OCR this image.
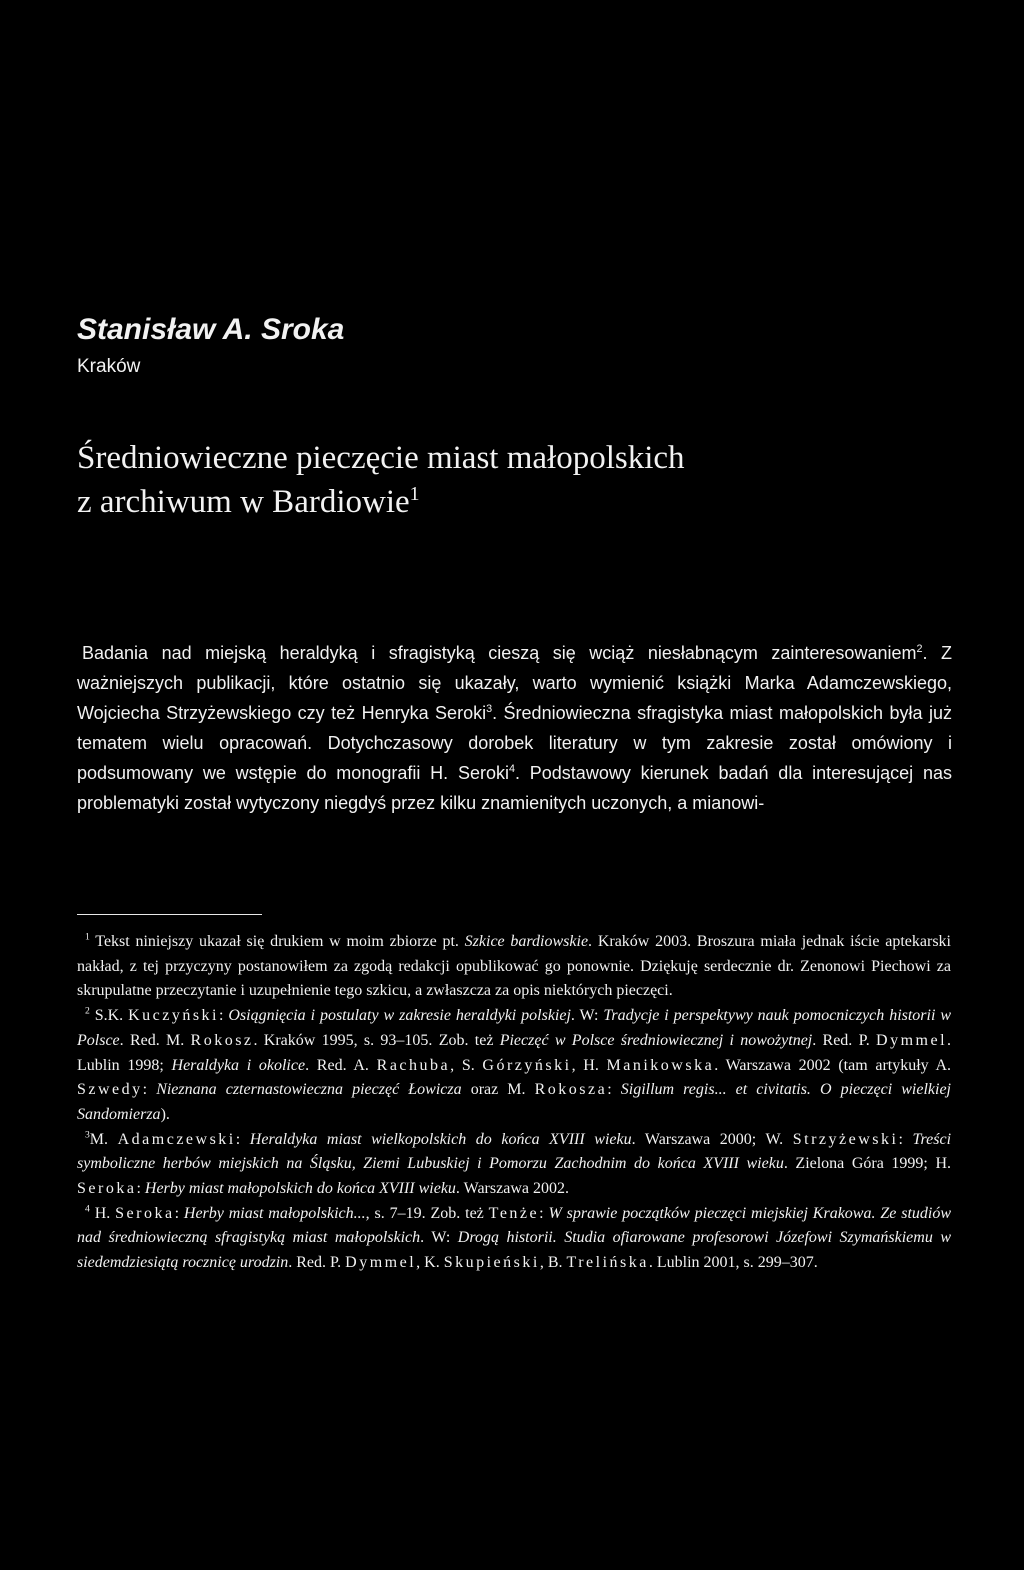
Stanisław A. Sroka
Kraków
Średniowieczne pieczęcie miast małopolskich
z archiwum w Bardiowie$^1$

Badania nad miejską heraldyką i sfragistyką cieszą się wciąż niesłabnącym zainteresowaniem$^2$. Z ważniejszych publikacji, które ostatnio się ukazały, warto wymienić książki Marka Adamczewskiego, Wojciecha Strzyżewskiego czy też Henryka Seroki$^3$. Średniowieczna sfragistyka miast małopolskich była już tematem wielu opracowań. Dotychczasowy dorobek literatury w tym zakresie został omówiony i podsumowany we wstępie do monografii H. Seroki$^4$. Podstawowy kierunek badań dla interesującej nas problematyki został wytyczony niegdyś przez kilku znamienitych uczonych, a mianowi-

$^1$ Tekst niniejszy ukazał się drukiem w moim zbiorze pt. Szkice bardiowskie. Kraków 2003. Broszura miała jednak iście aptekarski nakład, z tej przyczyny postanowiłem za zgodą redakcji opublikować go ponownie. Dziękuję serdecznie dr. Zenonowi Piechowi za skrupulatne przeczytanie i uzupełnienie tego szkicu, a zwłaszcza za opis niektórych pieczęci.

$^2$ S.K. Kuczyński: Osiągnięcia i postulaty w zakresie heraldyki polskiej. W: Tradycje i perspektywy nauk pomocniczych historii w Polsce. Red. M. Rokosz. Kraków 1995, s. 93–105. Zob. też Pieczęć w Polsce średniowiecznej i nowożytnej. Red. P. Dymmel. Lublin 1998; Heraldyka i okolice. Red. A. Rachuba, S. Górzyński, H. Manikowska. Warszawa 2002 (tam artykuły A. Szwedy: Nieznana czternastowieczna pieczęć Łowicza oraz M. Rokosza: Sigillum regis... et civitatis. O pieczęci wielkiej Sandomierza).

$^3$M. Adamczewski: Heraldyka miast wielkopolskich do końca XVIII wieku. Warszawa 2000; W. Strzyżewski: Treści symboliczne herbów miejskich na Śląsku, Ziemi Lubuskiej i Pomorzu Zachodnim do końca XVIII wieku. Zielona Góra 1999; H. Seroka: Herby miast małopolskich do końca XVIII wieku. Warszawa 2002.

$^4$ H. Seroka: Herby miast małopolskich..., s. 7–19. Zob. też Tenże: W sprawie początków pieczęci miejskiej Krakowa. Ze studiów nad średniowieczną sfragistyką miast małopolskich. W: Drogą historii. Studia ofiarowane profesorowi Józefowi Szymańskiemu w siedemdziesiątą rocznicę urodzin. Red. P. Dymmel, K. Skupieński, B. Trelińska. Lublin 2001, s. 299–307.
